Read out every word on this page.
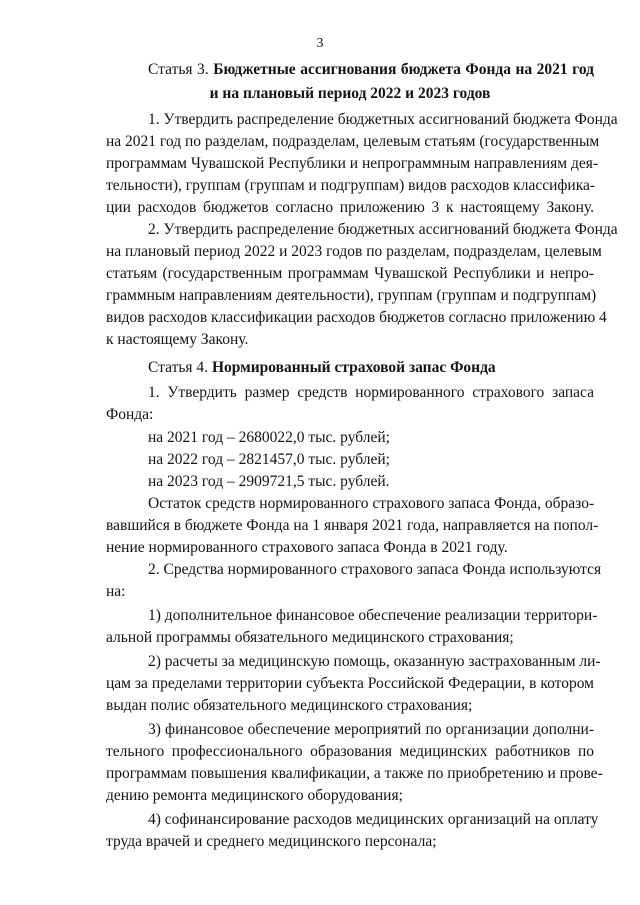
3
Статья 3. Бюджетные ассигнования бюджета Фонда на 2021 год
и на плановый период 2022 и 2023 годов
1. Утвердить распределение бюджетных ассигнований бюджета Фонда
на 2021 год по разделам, подразделам, целевым статьям (государственным
программам Чувашской Республики и непрограммным направлениям дея-
тельности), группам (группам и подгруппам) видов расходов классифика-
ции расходов бюджетов согласно приложению 3 к настоящему Закону.
2. Утвердить распределение бюджетных ассигнований бюджета Фонда
на плановый период 2022 и 2023 годов по разделам, подразделам, целевым
статьям (государственным программам Чувашской Республики и непро-
граммным направлениям деятельности), группам (группам и подгруппам)
видов расходов классификации расходов бюджетов согласно приложению 4
к настоящему Закону.
Статья 4. Нормированный страховой запас Фонда
1. Утвердить размер средств нормированного страхового запаса
Фонда:
на 2021 год – 2680022,0 тыс. рублей;
на 2022 год – 2821457,0 тыс. рублей;
на 2023 год – 2909721,5 тыс. рублей.
Остаток средств нормированного страхового запаса Фонда, образо-
вавшийся в бюджете Фонда на 1 января 2021 года, направляется на попол-
нение нормированного страхового запаса Фонда в 2021 году.
2. Средства нормированного страхового запаса Фонда используются
на:
1) дополнительное финансовое обеспечение реализации территори-
альной программы обязательного медицинского страхования;
2) расчеты за медицинскую помощь, оказанную застрахованным ли-
цам за пределами территории субъекта Российской Федерации, в котором
выдан полис обязательного медицинского страхования;
3) финансовое обеспечение мероприятий по организации дополни-
тельного профессионального образования медицинских работников по
программам повышения квалификации, а также по приобретению и прове-
дению ремонта медицинского оборудования;
4) софинансирование расходов медицинских организаций на оплату
труда врачей и среднего медицинского персонала;
